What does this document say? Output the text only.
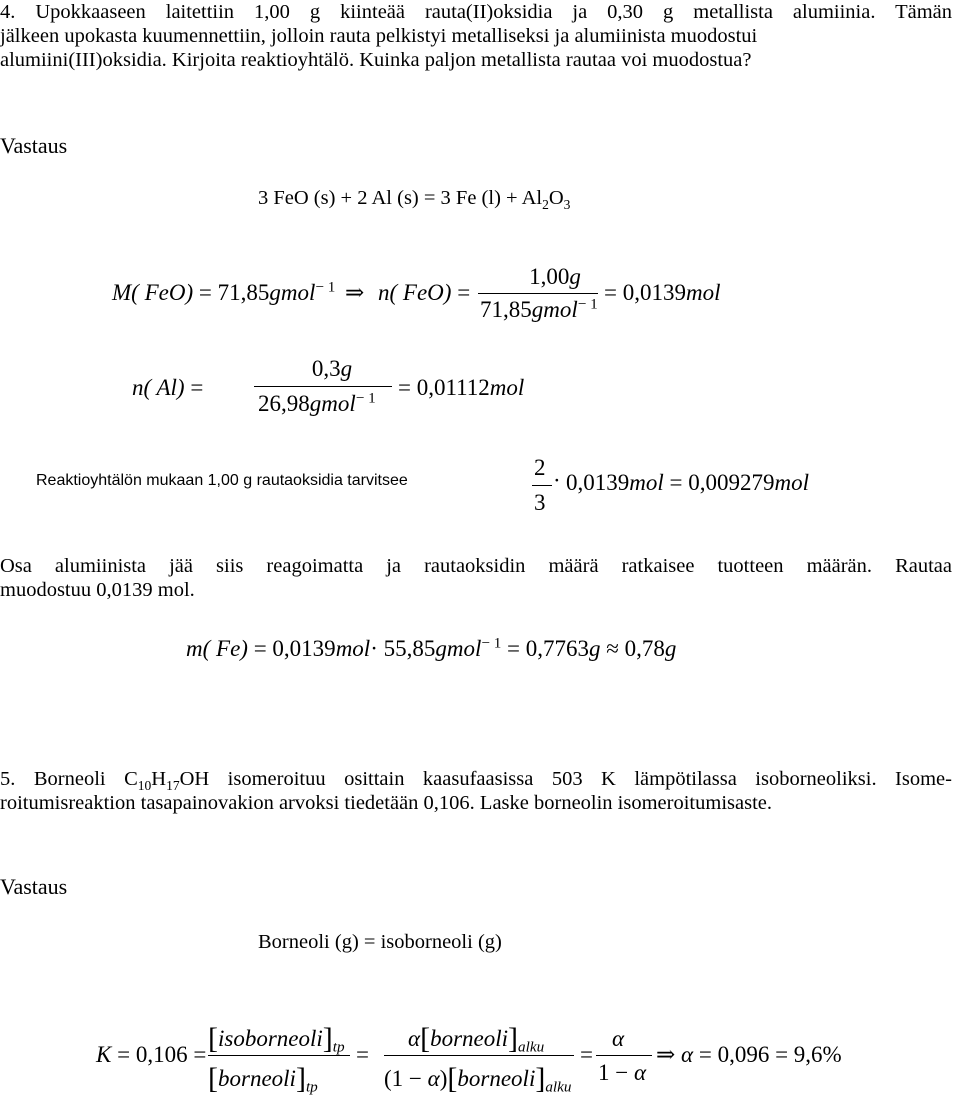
4. Upokkaaseen laitettiin 1,00 g kiinteää rauta(II)oksidia ja 0,30 g metallista alumiinia. Tämän
jälkeen upokasta kuumennettiin, jolloin rauta pelkistyi metalliseksi ja alumiinista muodostui
alumiini(III)oksidia. Kirjoita reaktioyhtälö. Kuinka paljon metallista rautaa voi muodostua?
Vastaus
3 FeO (s) + 2 Al (s) = 3 Fe $(l) + Al_2O_3$
M( FeO) = 71,85gmol$^{- 1}$ ⇒ n( FeO) =
1,00g
71,85gmol$^{- 1}$ = 0,0139mol
n( Al) =
0,3g
26,98gmol$^{- 1}$ = 0,01112mol
Reaktioyhtälön mukaan 1,00 g rautaoksidia tarvitsee
2
3
· 0,0139mol = 0,009279mol
Osa alumiinista jää siis reagoimatta ja rautaoksidin määrä ratkaisee tuotteen määrän. Rautaa
muodostuu 0,0139 mol.
m( Fe) = 0,0139mol· 55,85gmol$^{- 1}$ = 0,7763g ≈ 0,78g
5. Borneoli $C_{10}H_{17}OH$ isomeroituu osittain kaasufaasissa 503 K lämpötilassa isoborneoliksi. Isome-
roitumisreaktion tasapainovakion arvoksi tiedetään 0,106. Laske borneolin isomeroitumisaste.
Vastaus
Borneoli (g) = isoborneoli (g)
$K = 0,106 = [isoborneoli]_{tp}$
$[borneoli]_{tp}$
=
$\alpha[borneoli]_{alku}$
$(1 - \alpha)[borneoli]_{alku}$
=
α
1 − α
⇒ α = 0,096 = 9,6%
